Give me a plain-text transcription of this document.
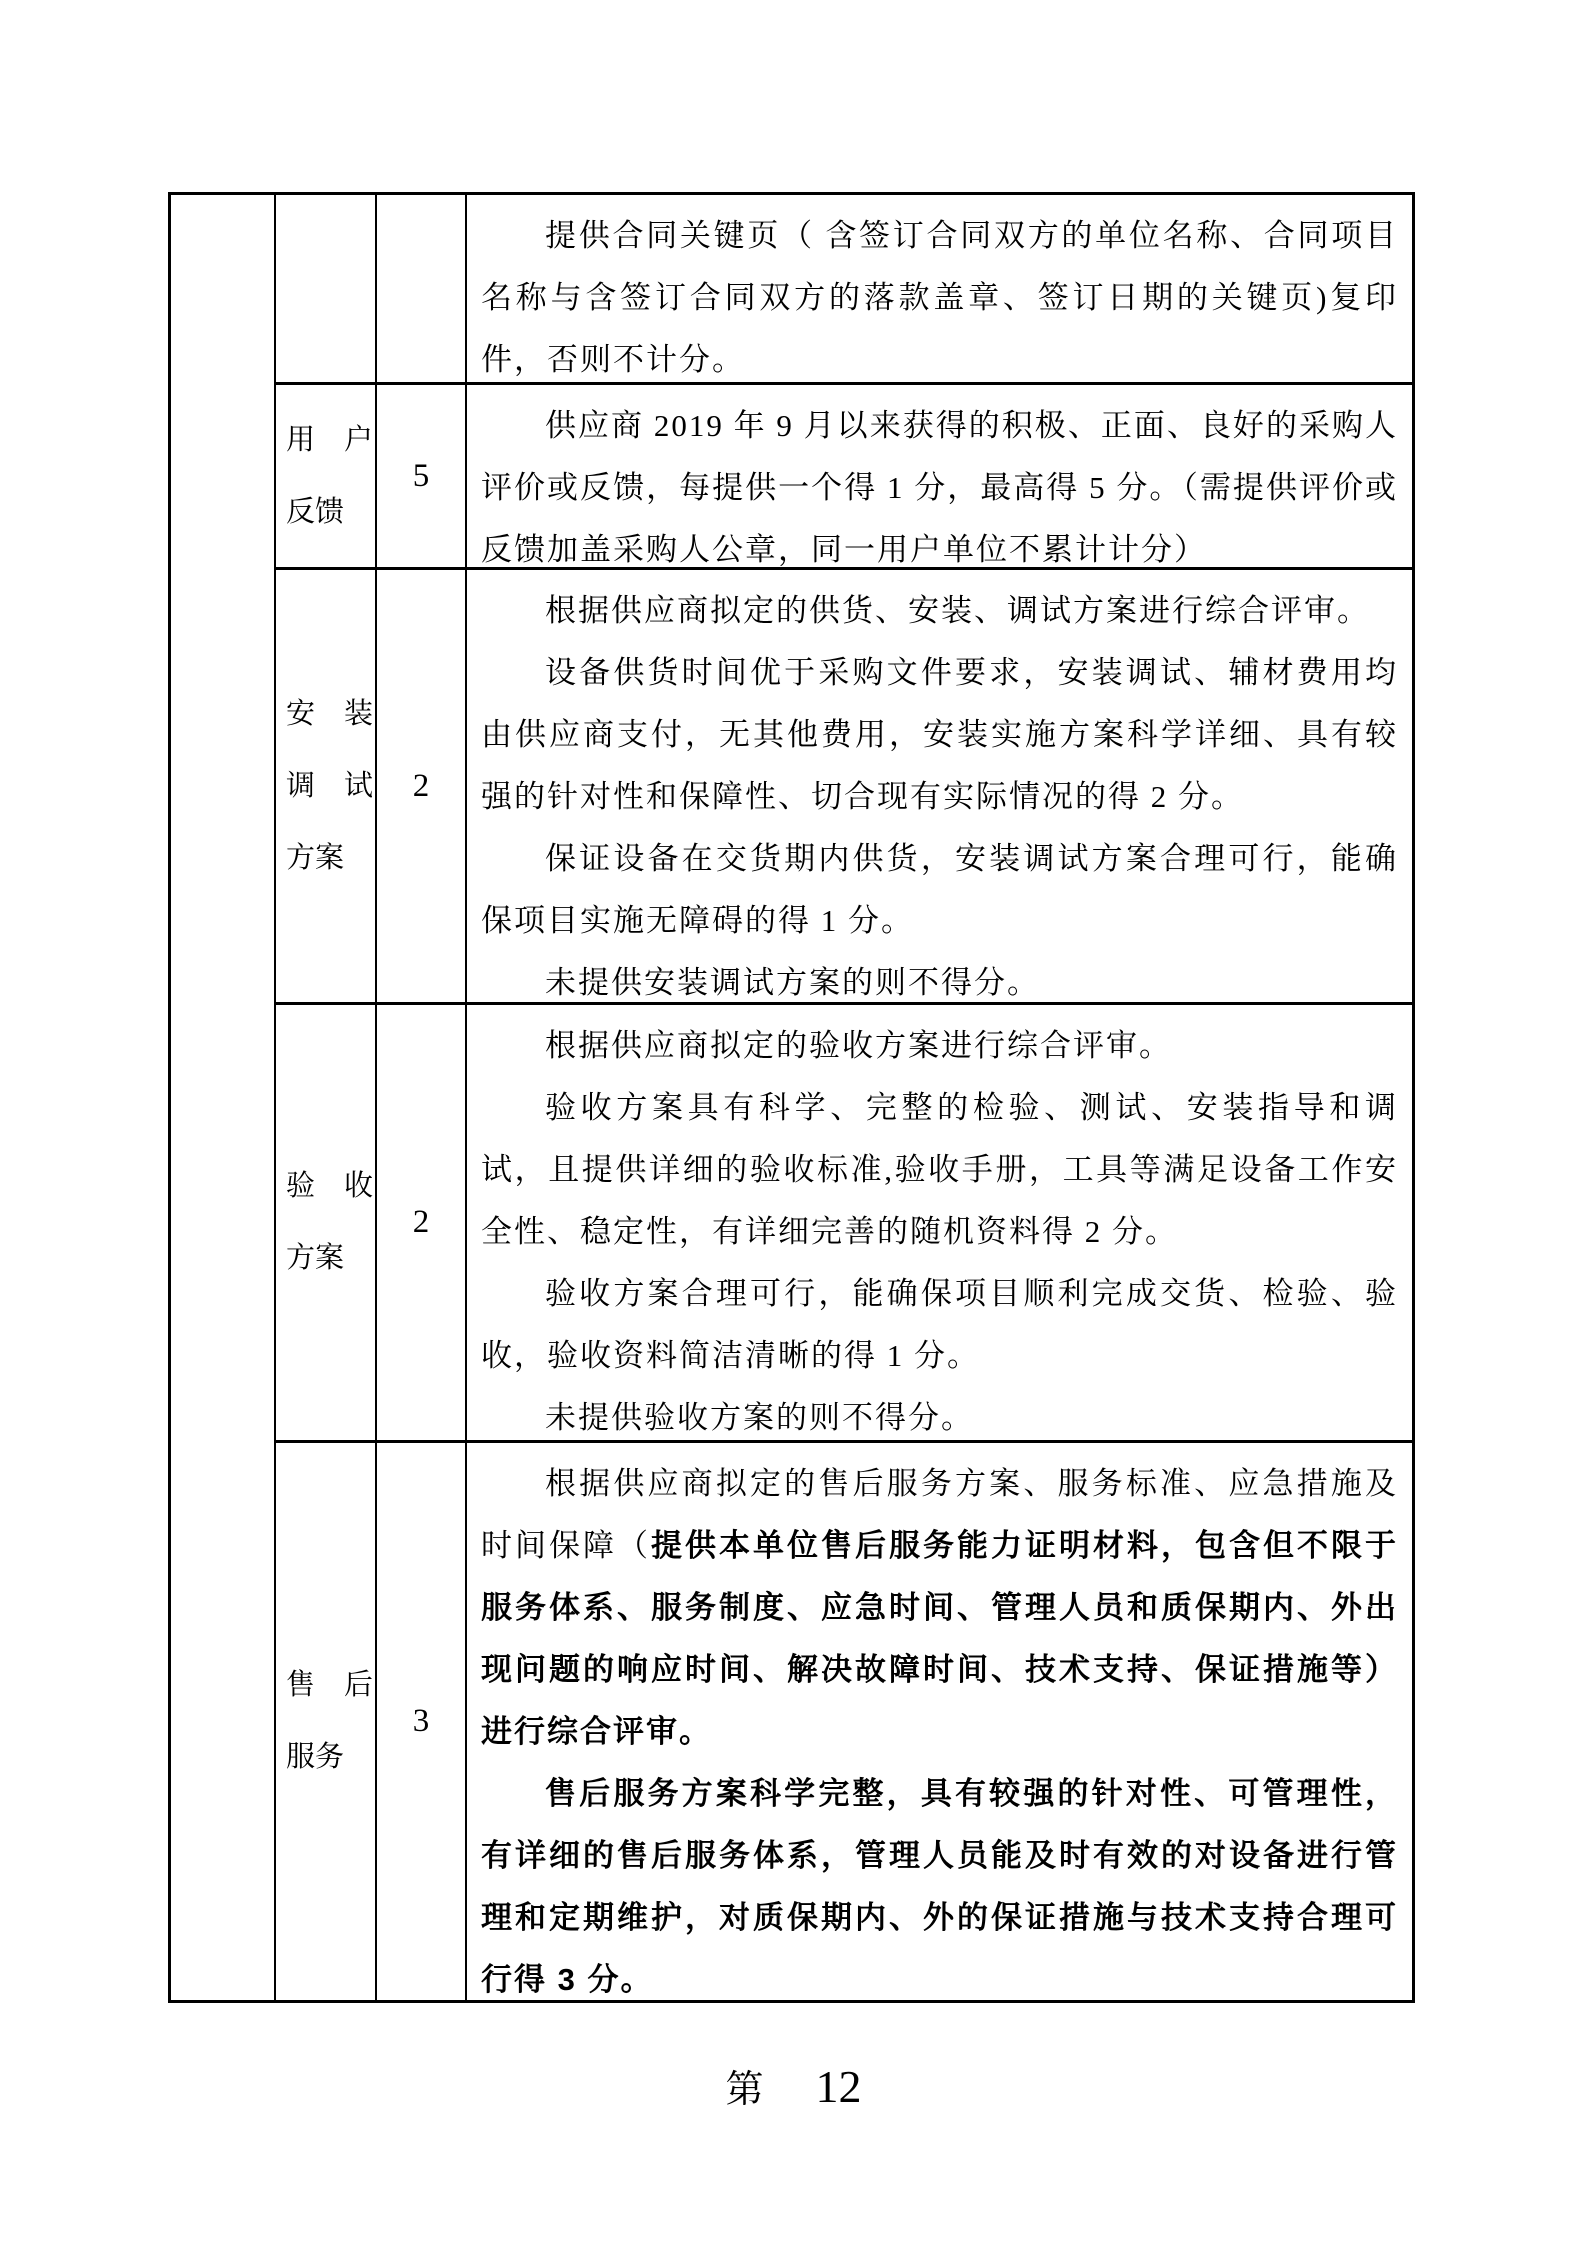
提供合同关键页（ 含签订合同双方的单位名称、合同项目名称与含签订合同双方的落款盖章、签订日期的关键页)复印件，否则不计分。

用　户
反馈
5

供应商 2019 年 9 月以来获得的积极、正面、良好的采购人评价或反馈，每提供一个得 1 分，最高得 5 分。（需提供评价或反馈加盖采购人公章，同一用户单位不累计计分）

安　装
调　试
方案
2

根据供应商拟定的供货、安装、调试方案进行综合评审。

设备供货时间优于采购文件要求，安装调试、辅材费用均由供应商支付，无其他费用，安装实施方案科学详细、具有较强的针对性和保障性、切合现有实际情况的得 2 分。

保证设备在交货期内供货，安装调试方案合理可行，能确保项目实施无障碍的得 1 分。

未提供安装调试方案的则不得分。

验　收
方案
2

根据供应商拟定的验收方案进行综合评审。

验收方案具有科学、完整的检验、测试、安装指导和调试，且提供详细的验收标准,验收手册，工具等满足设备工作安全性、稳定性，有详细完善的随机资料得 2 分。

验收方案合理可行，能确保项目顺利完成交货、检验、验收，验收资料简洁清晰的得 1 分。

未提供验收方案的则不得分。

售　后
服务
3

根据供应商拟定的售后服务方案、服务标准、应急措施及时间保障（提供本单位售后服务能力证明材料，包含但不限于服务体系、服务制度、应急时间、管理人员和质保期内、外出现问题的响应时间、解决故障时间、技术支持、保证措施等）进行综合评审。

售后服务方案科学完整，具有较强的针对性、可管理性，有详细的售后服务体系，管理人员能及时有效的对设备进行管理和定期维护，对质保期内、外的保证措施与技术支持合理可行得 3 分。

第 12
